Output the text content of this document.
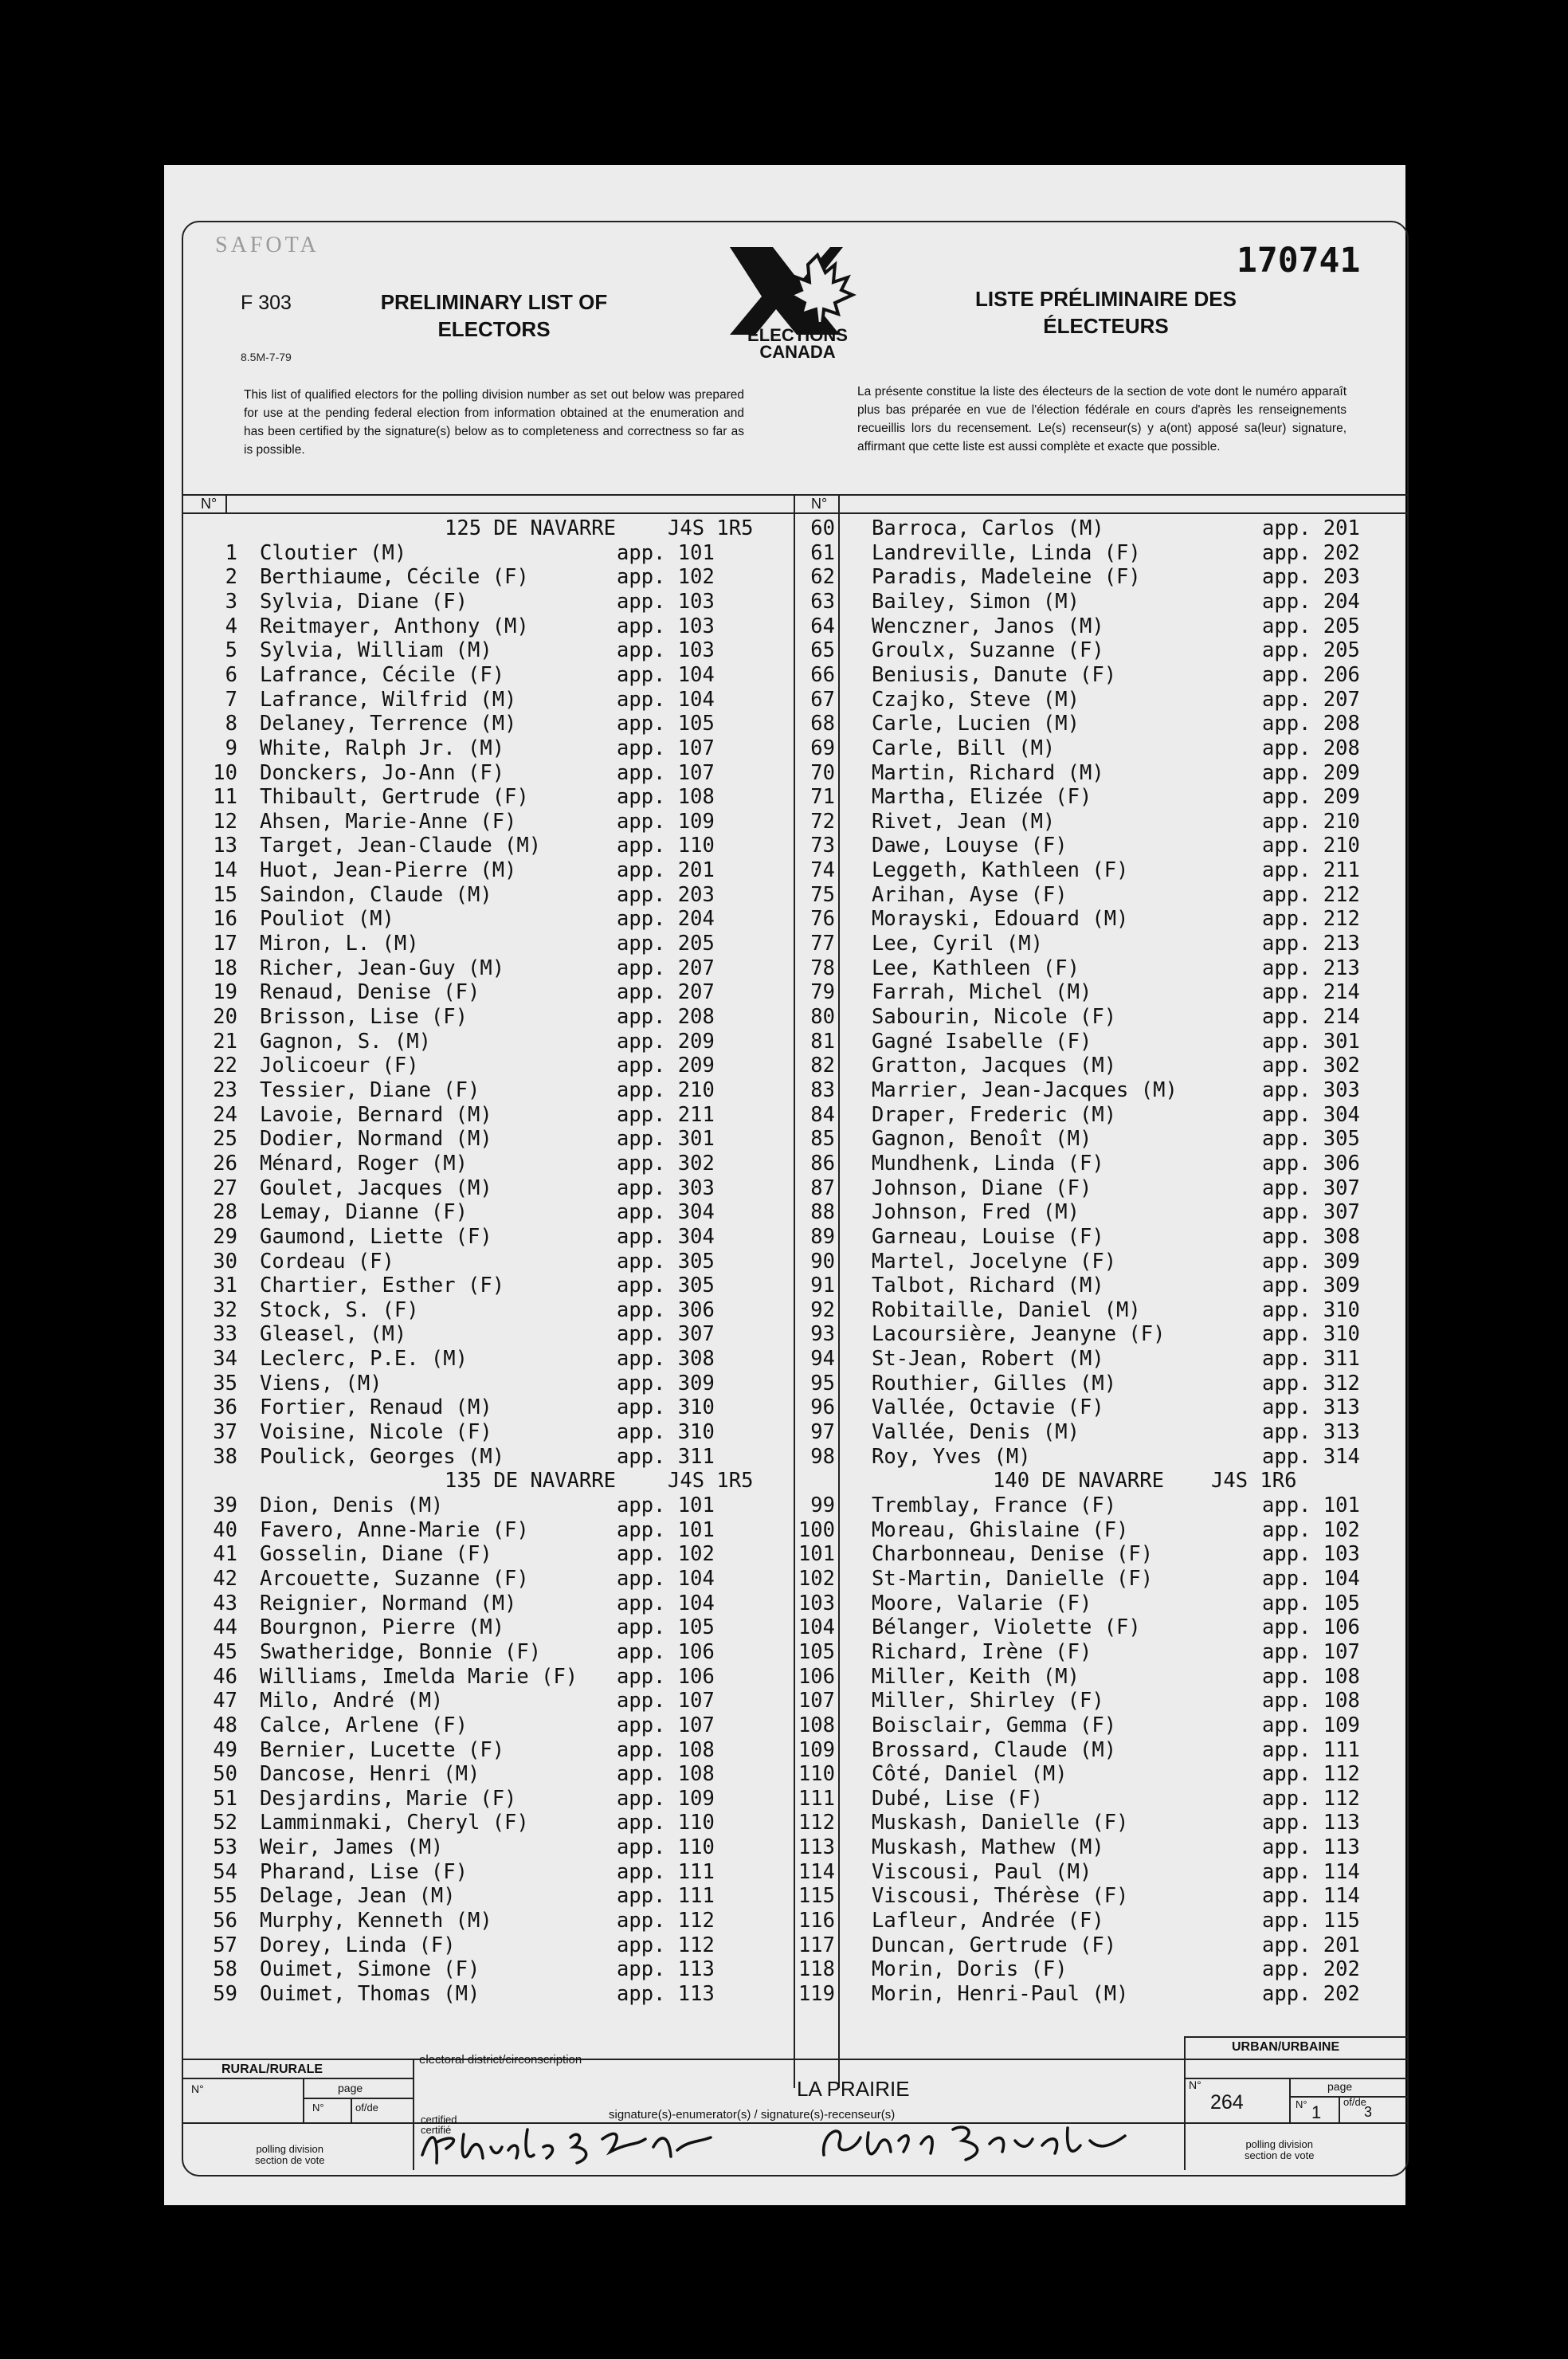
SAFOTA	170741
F 303
8.5M-7-79
PRELIMINARY LIST OF
ELECTORS
LISTE PRÉLIMINAIRE DES
ÉLECTEURS
ELECTIONS
CANADA
This list of qualified electors for the polling division number as set out below was prepared for use at the pending federal election from information obtained at the enumeration and has been certified by the signature(s) below as to completeness and correctness so far as is possible.
La présente constitue la liste des électeurs de la section de vote dont le numéro apparaît plus bas préparée en vue de l'élection fédérale en cours d'après les renseignements recueillis lors du recensement. Le(s) recenseur(s) y a(ont) apposé sa(leur) signature, affirmant que cette liste est aussi complète et exacte que possible.
N°	N°
125 DE NAVARRE	J4S 1R5
1 Cloutier (M)	app. 101
2 Berthiaume, Cécile (F)	app. 102
3 Sylvia, Diane (F)	app. 103
4 Reitmayer, Anthony (M)	app. 103
5 Sylvia, William (M)	app. 103
6 Lafrance, Cécile (F)	app. 104
7 Lafrance, Wilfrid (M)	app. 104
8 Delaney, Terrence (M)	app. 105
9 White, Ralph Jr. (M)	app. 107
10 Donckers, Jo-Ann (F)	app. 107
11 Thibault, Gertrude (F)	app. 108
12 Ahsen, Marie-Anne (F)	app. 109
13 Target, Jean-Claude (M)	app. 110
14 Huot, Jean-Pierre (M)	app. 201
15 Saindon, Claude (M)	app. 203
16 Pouliot (M)	app. 204
17 Miron, L. (M)	app. 205
18 Richer, Jean-Guy (M)	app. 207
19 Renaud, Denise (F)	app. 207
20 Brisson, Lise (F)	app. 208
21 Gagnon, S. (M)	app. 209
22 Jolicoeur (F)	app. 209
23 Tessier, Diane (F)	app. 210
24 Lavoie, Bernard (M)	app. 211
25 Dodier, Normand (M)	app. 301
26 Ménard, Roger (M)	app. 302
27 Goulet, Jacques (M)	app. 303
28 Lemay, Dianne (F)	app. 304
29 Gaumond, Liette (F)	app. 304
30 Cordeau (F)	app. 305
31 Chartier, Esther (F)	app. 305
32 Stock, S. (F)	app. 306
33 Gleasel, (M)	app. 307
34 Leclerc, P.E. (M)	app. 308
35 Viens, (M)	app. 309
36 Fortier, Renaud (M)	app. 310
37 Voisine, Nicole (F)	app. 310
38 Poulick, Georges (M)	app. 311
135 DE NAVARRE	J4S 1R5
39 Dion, Denis (M)	app. 101
40 Favero, Anne-Marie (F)	app. 101
41 Gosselin, Diane (F)	app. 102
42 Arcouette, Suzanne (F)	app. 104
43 Reignier, Normand (M)	app. 104
44 Bourgnon, Pierre (M)	app. 105
45 Swatheridge, Bonnie (F)	app. 106
46 Williams, Imelda Marie (F) app. 106
47 Milo, André (M)	app. 107
48 Calce, Arlene (F)	app. 107
49 Bernier, Lucette (F)	app. 108
50 Dancose, Henri (M)	app. 108
51 Desjardins, Marie (F)	app. 109
52 Lamminmaki, Cheryl (F)	app. 110
53 Weir, James (M)	app. 110
54 Pharand, Lise (F)	app. 111
55 Delage, Jean (M)	app. 111
56 Murphy, Kenneth (M)	app. 112
57 Dorey, Linda (F)	app. 112
58 Ouimet, Simone (F)	app. 113
59 Ouimet, Thomas (M)	app. 113
60 Barroca, Carlos (M)	app. 201
61 Landreville, Linda (F)	app. 202
62 Paradis, Madeleine (F)	app. 203
63 Bailey, Simon (M)	app. 204
64 Wenczner, Janos (M)	app. 205
65 Groulx, Suzanne (F)	app. 205
66 Beniusis, Danute (F)	app. 206
67 Czajko, Steve (M)	app. 207
68 Carle, Lucien (M)	app. 208
69 Carle, Bill (M)	app. 208
70 Martin, Richard (M)	app. 209
71 Martha, Elizée (F)	app. 209
72 Rivet, Jean (M)	app. 210
73 Dawe, Louyse (F)	app. 210
74 Leggeth, Kathleen (F)	app. 211
75 Arihan, Ayse (F)	app. 212
76 Morayski, Edouard (M)	app. 212
77 Lee, Cyril (M)	app. 213
78 Lee, Kathleen (F)	app. 213
79 Farrah, Michel (M)	app. 214
80 Sabourin, Nicole (F)	app. 214
81 Gagné Isabelle (F)	app. 301
82 Gratton, Jacques (M)	app. 302
83 Marrier, Jean-Jacques (M)	app. 303
84 Draper, Frederic (M)	app. 304
85 Gagnon, Benoît (M)	app. 305
86 Mundhenk, Linda (F)	app. 306
87 Johnson, Diane (F)	app. 307
88 Johnson, Fred (M)	app. 307
89 Garneau, Louise (F)	app. 308
90 Martel, Jocelyne (F)	app. 309
91 Talbot, Richard (M)	app. 309
92 Robitaille, Daniel (M)	app. 310
93 Lacoursière, Jeanyne (F)	app. 310
94 St-Jean, Robert (M)	app. 311
95 Routhier, Gilles (M)	app. 312
96 Vallée, Octavie (F)	app. 313
97 Vallée, Denis (M)	app. 313
98 Roy, Yves (M)	app. 314
140 DE NAVARRE J4S 1R6
99 Tremblay, France (F)	app. 101
100 Moreau, Ghislaine (F)	app. 102
101 Charbonneau, Denise (F)	app. 103
102 St-Martin, Danielle (F)	app. 104
103 Moore, Valarie (F)	app. 105
104 Bélanger, Violette (F)	app. 106
105 Richard, Irène (F)	app. 107
106 Miller, Keith (M)	app. 108
107 Miller, Shirley (F)	app. 108
108 Boisclair, Gemma (F)	app. 109
109 Brossard, Claude (M)	app. 111
110 Côté, Daniel (M)	app. 112
111 Dubé, Lise (F)	app. 112
112 Muskash, Danielle (F)	app. 113
113 Muskash, Mathew (M)	app. 113
114 Viscousi, Paul (M)	app. 114
115 Viscousi, Thérèse (F)	app. 114
116 Lafleur, Andrée (F)	app. 115
117 Duncan, Gertrude (F)	app. 201
118 Morin, Doris (F)	app. 202
119 Morin, Henri-Paul (M)	app. 202
RURAL/RURALE
URBAN/URBAINE
N°	page
N°	of/de
polling division
section de vote
electoral district/circonscription
LA PRAIRIE
certified
certifié
signature(s)-enumerator(s) / signature(s)-recenseur(s)
N°	page
264	N° 1
of/de
3
polling division
section de vote
